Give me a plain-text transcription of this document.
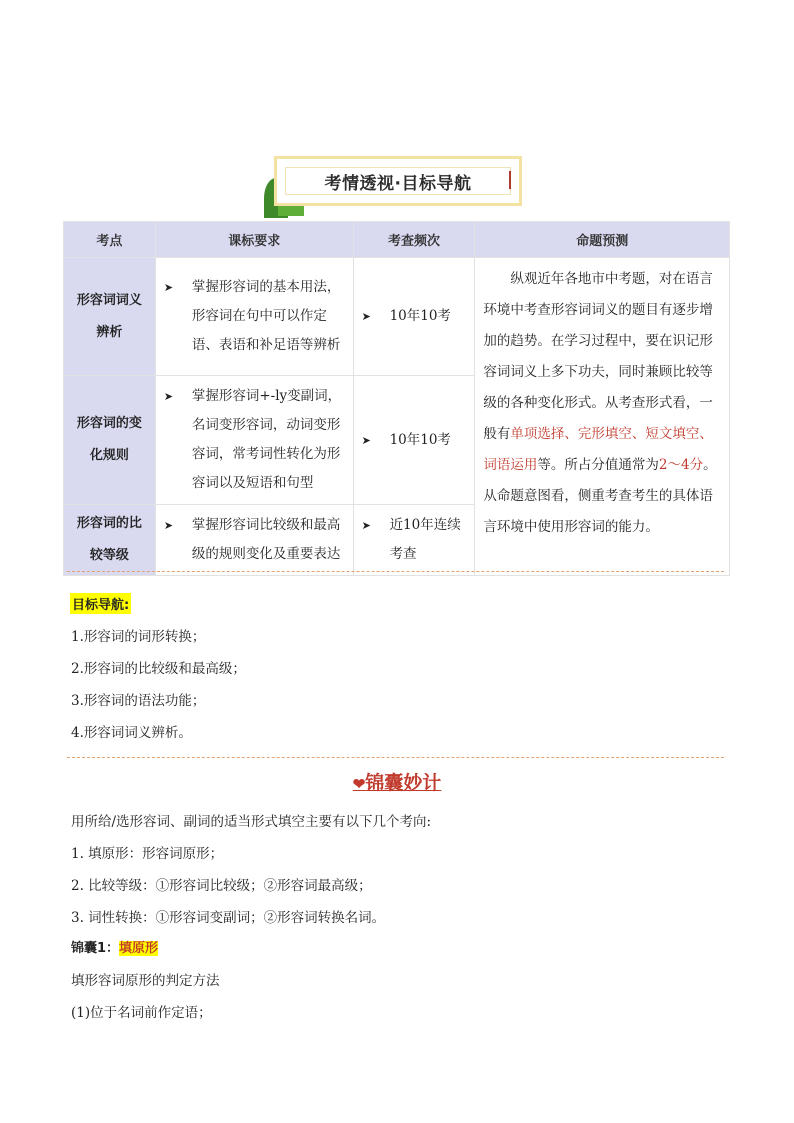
考情透视·目标导航
考点	课标要求	考查频次	命题预测
形容词词义辨析	➤ 掌握形容词的基本用法，形容词在句中可以作定语、表语和补足语等辨析	➤ 10年10考	纵观近年各地市中考题，对在语言环境中考查形容词词义的题目有逐步增加的趋势。在学习过程中，要在识记形容词词义上多下功夫，同时兼顾比较等级的各种变化形式。从考查形式看，一般有单项选择、完形填空、短文填空、词语运用等。所占分值通常为2～4分。从命题意图看，侧重考查考生的具体语言环境中使用形容词的能力。
形容词的变化规则	➤ 掌握形容词+-ly变副词，名词变形容词，动词变形容词，常考词性转化为形容词以及短语和句型	➤ 10年10考	

形容词的比较等级	➤ 掌握形容词比较级和最高级的规则变化及重要表达	➤ 近10年连续考查	
目标导航:
1.形容词的词形转换；
2.形容词的比较级和最高级；
3.形容词的语法功能；
4.形容词词义辨析。
❤锦囊妙计
用所给/选形容词、副词的适当形式填空主要有以下几个考向:
1. 填原形：形容词原形；
2. 比较等级：①形容词比较级；②形容词最高级；
3. 词性转换：①形容词变副词；②形容词转换名词。
锦囊1：填原形
填形容词原形的判定方法
(1)位于名词前作定语；
